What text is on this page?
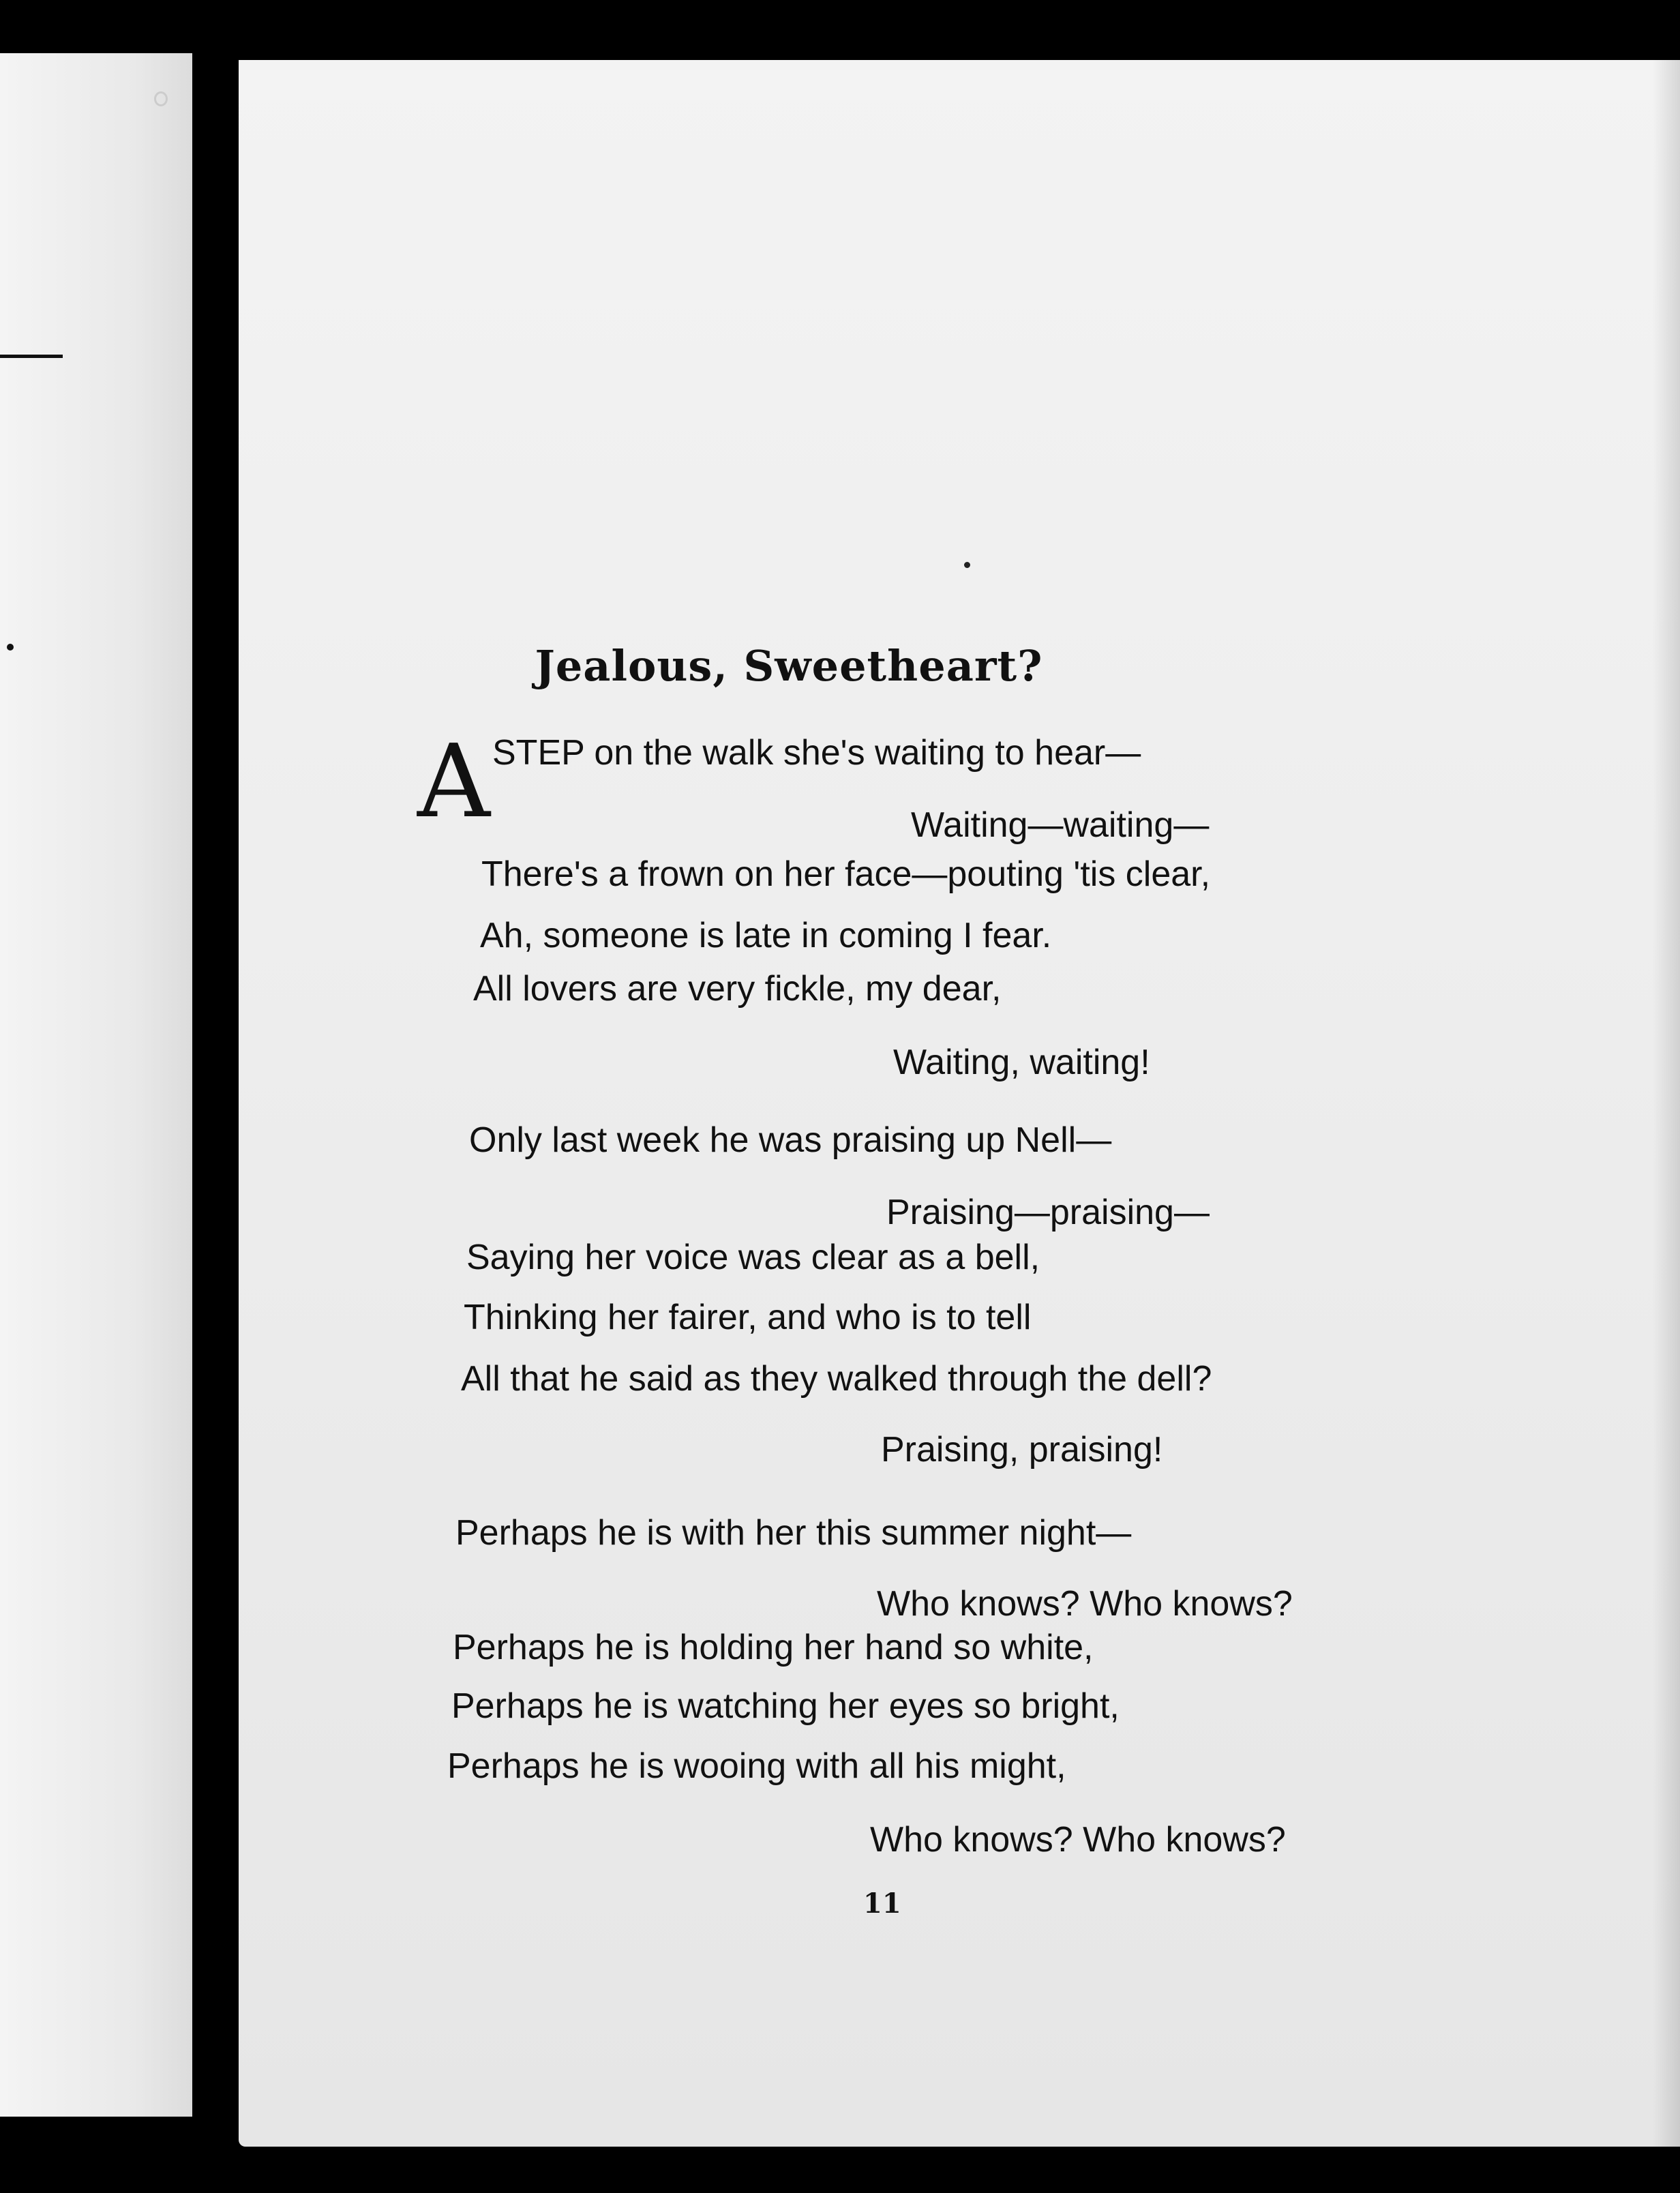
Jealous, Sweetheart?
A STEP on the walk she's waiting to hear—
Waiting—waiting—
There's a frown on her face—pouting 'tis clear,
Ah, someone is late in coming I fear.
All lovers are very fickle, my dear,
Waiting, waiting!
Only last week he was praising up Nell—
Praising—praising—
Saying her voice was clear as a bell,
Thinking her fairer, and who is to tell
All that he said as they walked through the dell?
Praising, praising!
Perhaps he is with her this summer night—
Who knows? Who knows?
Perhaps he is holding her hand so white,
Perhaps he is watching her eyes so bright,
Perhaps he is wooing with all his might,
Who knows? Who knows?
11
